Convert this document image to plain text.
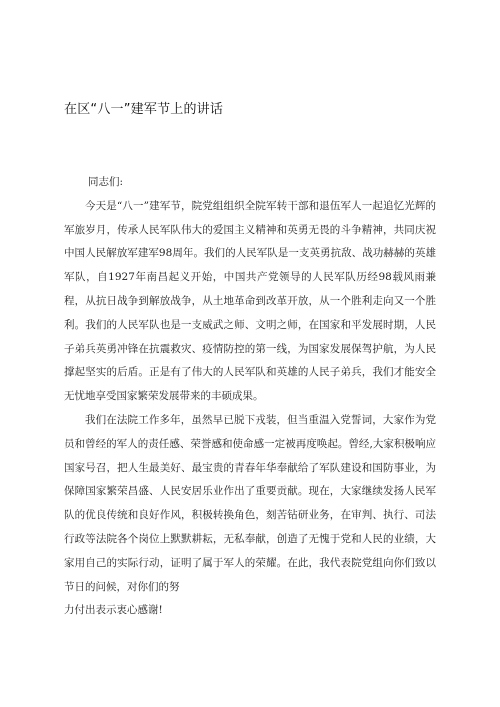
在区“八一”建军节上的讲话

同志们:

今天是“八一”建军节，院党组组织全院军转干部和退伍军人一起追忆光辉的军旅岁月，传承人民军队伟大的爱国主义精神和英勇无畏的斗争精神，共同庆祝中国人民解放军建军98周年。我们的人民军队是一支英勇抗敌、战功赫赫的英雄军队，自1927年南昌起义开始，中国共产党领导的人民军队历经98载风雨兼程，从抗日战争到解放战争，从土地革命到改革开放，从一个胜利走向又一个胜利。我们的人民军队也是一支威武之师、文明之师，在国家和平发展时期，人民子弟兵英勇冲锋在抗震救灾、疫情防控的第一线，为国家发展保驾护航，为人民撑起坚实的后盾。正是有了伟大的人民军队和英雄的人民子弟兵，我们才能安全无忧地享受国家繁荣发展带来的丰硕成果。

我们在法院工作多年，虽然早已脱下戎装，但当重温入党誓词，大家作为党员和曾经的军人的责任感、荣誉感和使命感一定被再度唤起。曾经,大家积极响应国家号召，把人生最美好、最宝贵的青春年华奉献给了军队建设和国防事业，为保障国家繁荣昌盛、人民安居乐业作出了重要贡献。现在，大家继续发扬人民军队的优良传统和良好作风，积极转换角色，刻苦钻研业务，在审判、执行、司法行政等法院各个岗位上默默耕耘，无私奉献，创造了无愧于党和人民的业绩，大家用自己的实际行动，证明了属于军人的荣耀。在此，我代表院党组向你们致以节日的问候，对你们的努

力付出表示衷心感谢!
